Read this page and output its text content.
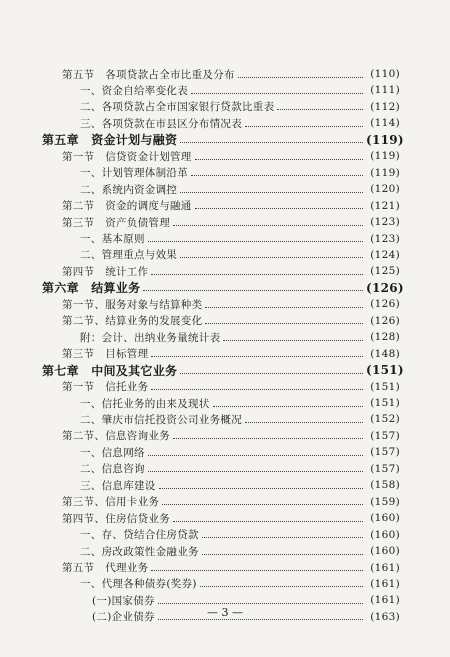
第五节　各项贷款占全市比重及分布	(110)
一、资金自给率变化表	(111)
二、各项贷款占全市国家银行贷款比重表	(112)
三、各项贷款在市县区分布情况表	(114)
第五章　资金计划与融资	(119)
第一节　信贷资金计划管理	(119)
一、计划管理体制沿革	(119)
二、系统内资金调控	(120)
第二节　资金的调度与融通	(121)
第三节　资产负债管理	(123)
一、基本原则	(123)
二、管理重点与效果	(124)
第四节　统计工作	(125)
第六章　结算业务	(126)
第一节、服务对象与结算种类	(126)
第二节、结算业务的发展变化	(126)
附：会计、出纳业务量统计表	(128)
第三节　目标管理	(148)
第七章　中间及其它业务	(151)
第一节　信托业务	(151)
一、信托业务的由来及现状	(151)
二、肇庆市信托投资公司业务概况	(152)
第二节、信息咨询业务	(157)
一、信息网络	(157)
二、信息咨询	(157)
三、信息库建设	(158)
第三节、信用卡业务	(159)
第四节、住房信贷业务	(160)
一、存、贷结合住房贷款	(160)
二、房改政策性金融业务	(160)
第五节　代理业务	(161)
一、代理各种债券(奖券)	(161)
(一)国家债券	(161)
(二)企业债券	(163)
— 3 —
